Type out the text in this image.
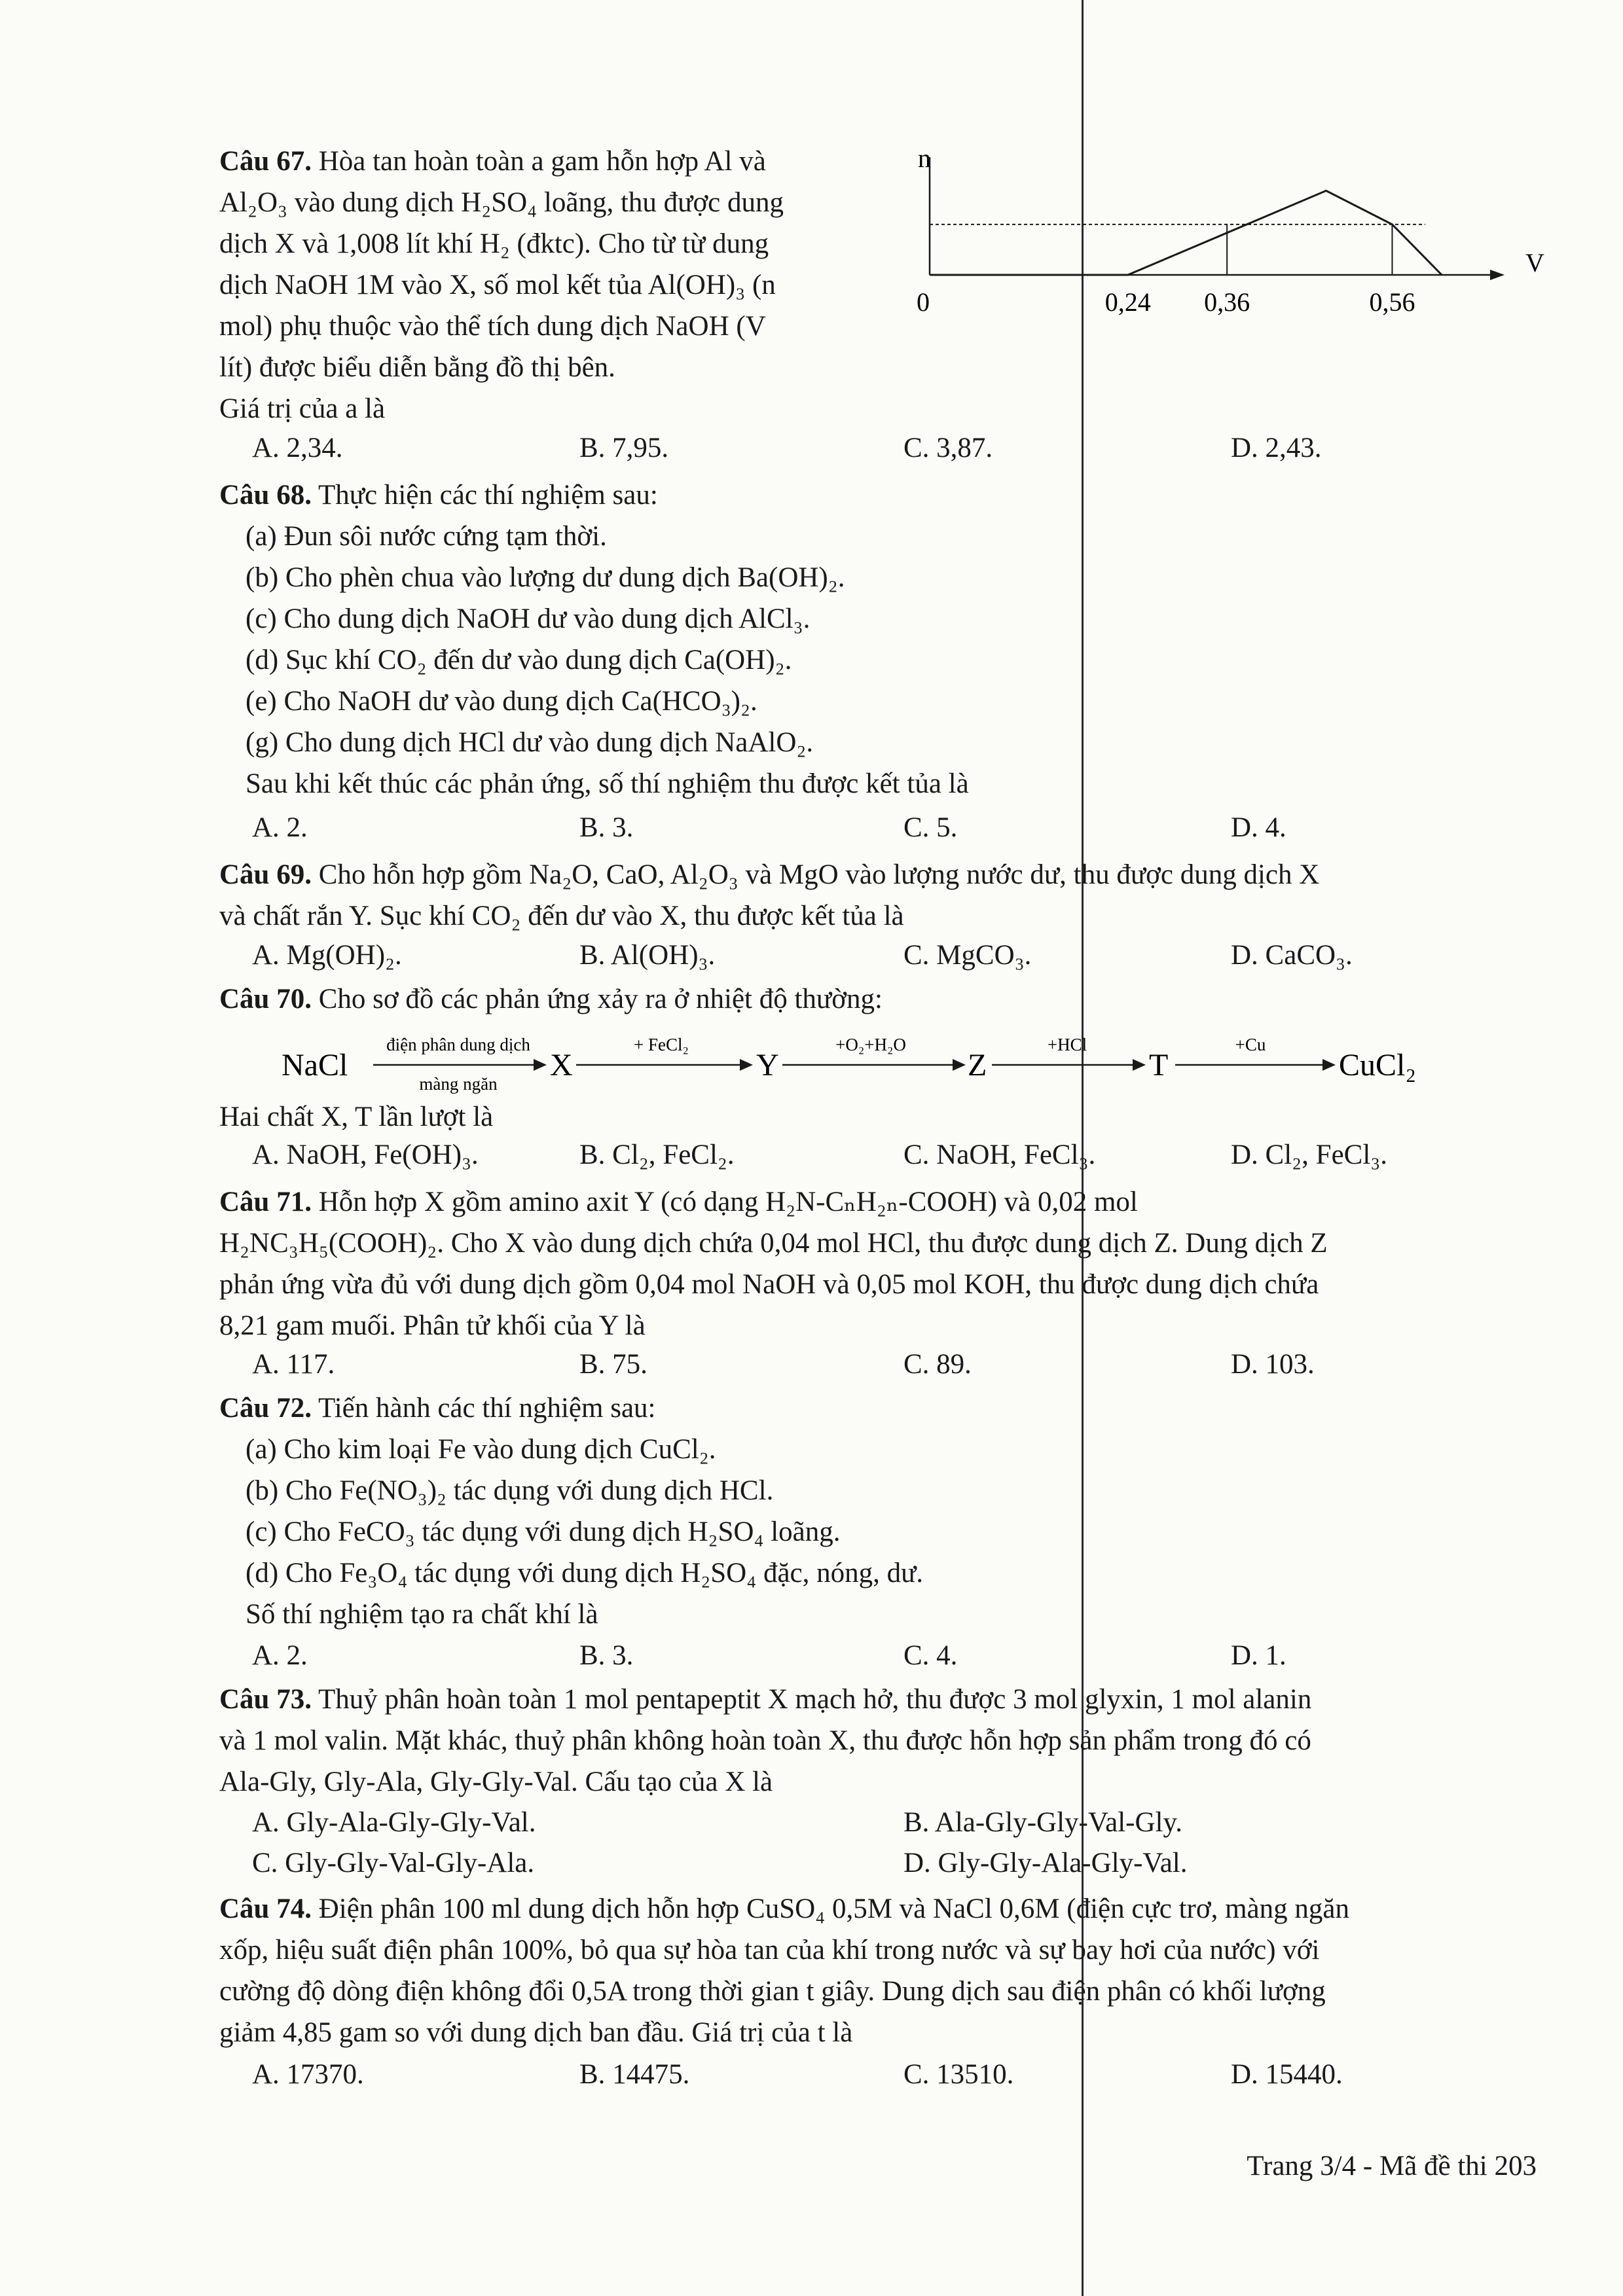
Câu 67. Hòa tan hoàn toàn a gam hỗn hợp Al và

Al₂O₃ vào dung dịch H₂SO₄ loãng, thu được dung

dịch X và 1,008 lít khí H₂ (đktc). Cho từ từ dung

dịch NaOH 1M vào X, số mol kết tủa Al(OH)₃ (n

mol) phụ thuộc vào thể tích dung dịch NaOH (V

lít) được biểu diễn bằng đồ thị bên.

Giá trị của a là

n
V
0	0,24 0,36	0,56
A. 2,34.	B. 7,95.	C. 3,87.	D. 2,43.

Câu 68. Thực hiện các thí nghiệm sau:

(a) Đun sôi nước cứng tạm thời.

(b) Cho phèn chua vào lượng dư dung dịch Ba(OH)₂.

(c) Cho dung dịch NaOH dư vào dung dịch AlCl₃.

(d) Sục khí CO₂ đến dư vào dung dịch Ca(OH)₂.

(e) Cho NaOH dư vào dung dịch Ca(HCO₃)₂.

(g) Cho dung dịch HCl dư vào dung dịch NaAlO₂.

Sau khi kết thúc các phản ứng, số thí nghiệm thu được kết tủa là

A. 2.	B. 3.	C. 5.	D. 4.

Câu 69. Cho hỗn hợp gồm Na₂O, CaO, Al₂O₃ và MgO vào lượng nước dư, thu được dung dịch X

và chất rắn Y. Sục khí CO₂ đến dư vào X, thu được kết tủa là

A. Mg(OH)₂.	B. Al(OH)₃.	C. MgCO₃.	D. CaCO₃.

Câu 70. Cho sơ đồ các phản ứng xảy ra ở nhiệt độ thường:

NaCl
điện phân dung dịch
màng ngăn
X
+ FeCl₂
Y
+O₂+H₂O
Z
+HCl
T
+Cu
CuCl₂

Hai chất X, T lần lượt là

A. NaOH, Fe(OH)₃.	B. Cl₂, FeCl₂.	C. NaOH, FeCl₃.	D. Cl₂, FeCl₃.

Câu 71. Hỗn hợp X gồm amino axit Y (có dạng H₂N-CₙH₂ₙ-COOH) và 0,02 mol

H₂NC₃H₅(COOH)₂. Cho X vào dung dịch chứa 0,04 mol HCl, thu được dung dịch Z. Dung dịch Z

phản ứng vừa đủ với dung dịch gồm 0,04 mol NaOH và 0,05 mol KOH, thu được dung dịch chứa

8,21 gam muối. Phân tử khối của Y là

A. 117.	B. 75.	C. 89.	D. 103.

Câu 72. Tiến hành các thí nghiệm sau:

(a) Cho kim loại Fe vào dung dịch CuCl₂.

(b) Cho Fe(NO₃)₂ tác dụng với dung dịch HCl.

(c) Cho FeCO₃ tác dụng với dung dịch H₂SO₄ loãng.

(d) Cho Fe₃O₄ tác dụng với dung dịch H₂SO₄ đặc, nóng, dư.

Số thí nghiệm tạo ra chất khí là

A. 2.	B. 3.	C. 4.	D. 1.

Câu 73. Thuỷ phân hoàn toàn 1 mol pentapeptit X mạch hở, thu được 3 mol glyxin, 1 mol alanin

và 1 mol valin. Mặt khác, thuỷ phân không hoàn toàn X, thu được hỗn hợp sản phẩm trong đó có

Ala-Gly, Gly-Ala, Gly-Gly-Val. Cấu tạo của X là

A. Gly-Ala-Gly-Gly-Val.	B. Ala-Gly-Gly-Val-Gly.
C. Gly-Gly-Val-Gly-Ala.	D. Gly-Gly-Ala-Gly-Val.

Câu 74. Điện phân 100 ml dung dịch hỗn hợp CuSO₄ 0,5M và NaCl 0,6M (điện cực trơ, màng ngăn

xốp, hiệu suất điện phân 100%, bỏ qua sự hòa tan của khí trong nước và sự bay hơi của nước) với

cường độ dòng điện không đổi 0,5A trong thời gian t giây. Dung dịch sau điện phân có khối lượng

giảm 4,85 gam so với dung dịch ban đầu. Giá trị của t là

A. 17370.	B. 14475.	C. 13510.	D. 15440.
Trang 3/4 - Mã đề thi 203
